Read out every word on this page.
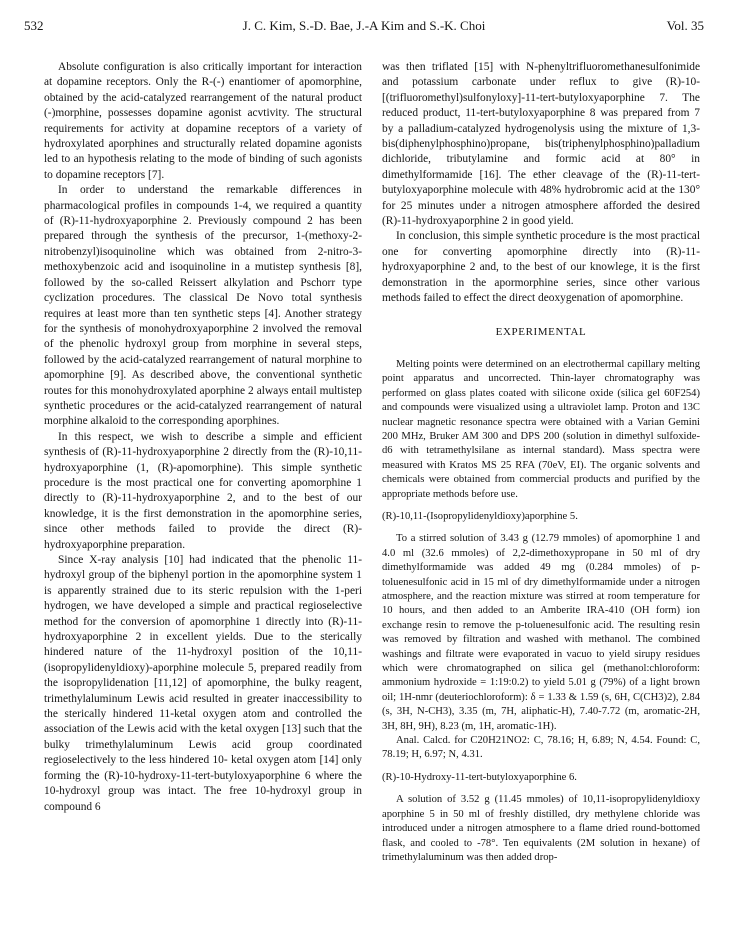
532	J. C. Kim, S.-D. Bae, J.-A Kim and S.-K. Choi	Vol. 35

Absolute configuration is also critically important for interaction at dopamine receptors. Only the R-(-) enantiomer of apomorphine, obtained by the acid-catalyzed rearrangement of the natural product (-)morphine, possesses dopamine agonist acvtivity. The structural requirements for activity at dopamine receptors of a variety of hydroxylated aporphines and structurally related dopamine agonists led to an hypothesis relating to the mode of binding of such agonists to dopamine receptors [7].

In order to understand the remarkable differences in pharmacological profiles in compounds 1-4, we required a quantity of (R)-11-hydroxyaporphine 2. Previously compound 2 has been prepared through the synthesis of the precursor, 1-(methoxy-2-nitrobenzyl)isoquinoline which was obtained from 2-nitro-3-methoxybenzoic acid and isoquinoline in a mutistep synthesis [8], followed by the so-called Reissert alkylation and Pschorr type cyclization procedures. The classical De Novo total synthesis requires at least more than ten synthetic steps [4]. Another strategy for the synthesis of monohydroxyaporphine 2 involved the removal of the phenolic hydroxyl group from morphine in several steps, followed by the acid-catalyzed rearrangement of natural morphine to apomorphine [9]. As described above, the conventional synthetic routes for this monohydroxylated aporphine 2 always entail multistep synthetic procedures or the acid-catalyzed rearrangement of natural morphine alkaloid to the corresponding aporphines.

In this respect, we wish to describe a simple and efficient synthesis of (R)-11-hydroxyaporphine 2 directly from the (R)-10,11-hydroxyaporphine (1, (R)-apomorphine). This simple synthetic procedure is the most practical one for converting apomorphine 1 directly to (R)-11-hydroxyaporphine 2, and to the best of our knowledge, it is the first demonstration in the apomorphine series, since other methods failed to provide the direct (R)-hydroxyaporphine preparation.

Since X-ray analysis [10] had indicated that the phenolic 11-hydroxyl group of the biphenyl portion in the apomorphine system 1 is apparently strained due to its steric repulsion with the 1-peri hydrogen, we have developed a simple and practical regioselective method for the conversion of apomorphine 1 directly into (R)-11-hydroxyaporphine 2 in excellent yields. Due to the sterically hindered nature of the 11-hydroxyl position of the 10,11-(isopropylidenyldioxy)-aporphine molecule 5, prepared readily from the isopropylidenation [11,12] of apomorphine, the bulky reagent, trimethylaluminum Lewis acid resulted in greater inaccessibility to the sterically hindered 11-ketal oxygen atom and controlled the association of the Lewis acid with the ketal oxygen [13] such that the bulky trimethylaluminum Lewis acid group coordinated regioselectively to the less hindered 10- ketal oxygen atom [14] only forming the (R)-10-hydroxy-11-tert-butyloxyaporphine 6 where the 10-hydroxyl group was intact. The free 10-hydroxyl group in compound 6

was then triflated [15] with N-phenyltrifluoromethanesulfonimide and potassium carbonate under reflux to give (R)-10-[(trifluoromethyl)sulfonyloxy]-11-tert-butyloxyaporphine 7. The reduced product, 11-tert-butyloxyaporphine 8 was prepared from 7 by a palladium-catalyzed hydrogenolysis using the mixture of 1,3-bis(diphenylphosphino)propane, bis(triphenylphosphino)palladium dichloride, tributylamine and formic acid at 80° in dimethylformamide [16]. The ether cleavage of the (R)-11-tert-butyloxyaporphine molecule with 48% hydrobromic acid at the 130° for 25 minutes under a nitrogen atmosphere afforded the desired (R)-11-hydroxyaporphine 2 in good yield.

In conclusion, this simple synthetic procedure is the most practical one for converting apomorphine directly into (R)-11-hydroxyaporphine 2 and, to the best of our knowlege, it is the first demonstration in the apormorphine series, since other various methods failed to effect the direct deoxygenation of apomorphine.

EXPERIMENTAL

Melting points were determined on an electrothermal capillary melting point apparatus and uncorrected. Thin-layer chromatography was performed on glass plates coated with silicone oxide (silica gel 60F254) and compounds were visualized using a ultraviolet lamp. Proton and 13C nuclear magnetic resonance spectra were obtained with a Varian Gemini 200 MHz, Bruker AM 300 and DPS 200 (solution in dimethyl sulfoxide-d6 with tetramethylsilane as internal standard). Mass spectra were measured with Kratos MS 25 RFA (70eV, EI). The organic solvents and chemicals were obtained from commercial products and purified by the appropriate methods before use.

(R)-10,11-(Isopropylidenyldioxy)aporphine 5.

To a stirred solution of 3.43 g (12.79 mmoles) of apomorphine 1 and 4.0 ml (32.6 mmoles) of 2,2-dimethoxypropane in 50 ml of dry dimethylformamide was added 49 mg (0.284 mmoles) of p-toluenesulfonic acid in 15 ml of dry dimethylformamide under a nitrogen atmosphere, and the reaction mixture was stirred at room temperature for 10 hours, and then added to an Amberite IRA-410 (OH form) ion exchange resin to remove the p-toluenesulfonic acid. The resulting resin was removed by filtration and washed with methanol. The combined washings and filtrate were evaporated in vacuo to yield sirupy residues which were chromatographed on silica gel (methanol:chloroform: ammonium hydroxide = 1:19:0.2) to yield 5.01 g (79%) of a light brown oil; 1H-nmr (deuteriochloroform): δ = 1.33 & 1.59 (s, 6H, C(CH3)2), 2.84 (s, 3H, N-CH3), 3.35 (m, 7H, aliphatic-H), 7.40-7.72 (m, aromatic-2H, 3H, 8H, 9H), 8.23 (m, 1H, aromatic-1H).

Anal. Calcd. for C20H21NO2: C, 78.16; H, 6.89; N, 4.54. Found: C, 78.19; H, 6.97; N, 4.31.

(R)-10-Hydroxy-11-tert-butyloxyaporphine 6.

A solution of 3.52 g (11.45 mmoles) of 10,11-isopropylidenyldioxy aporphine 5 in 50 ml of freshly distilled, dry methylene chloride was introduced under a nitrogen atmosphere to a flame dried round-bottomed flask, and cooled to -78°. Ten equivalents (2M solution in hexane) of trimethylaluminum was then added drop-
